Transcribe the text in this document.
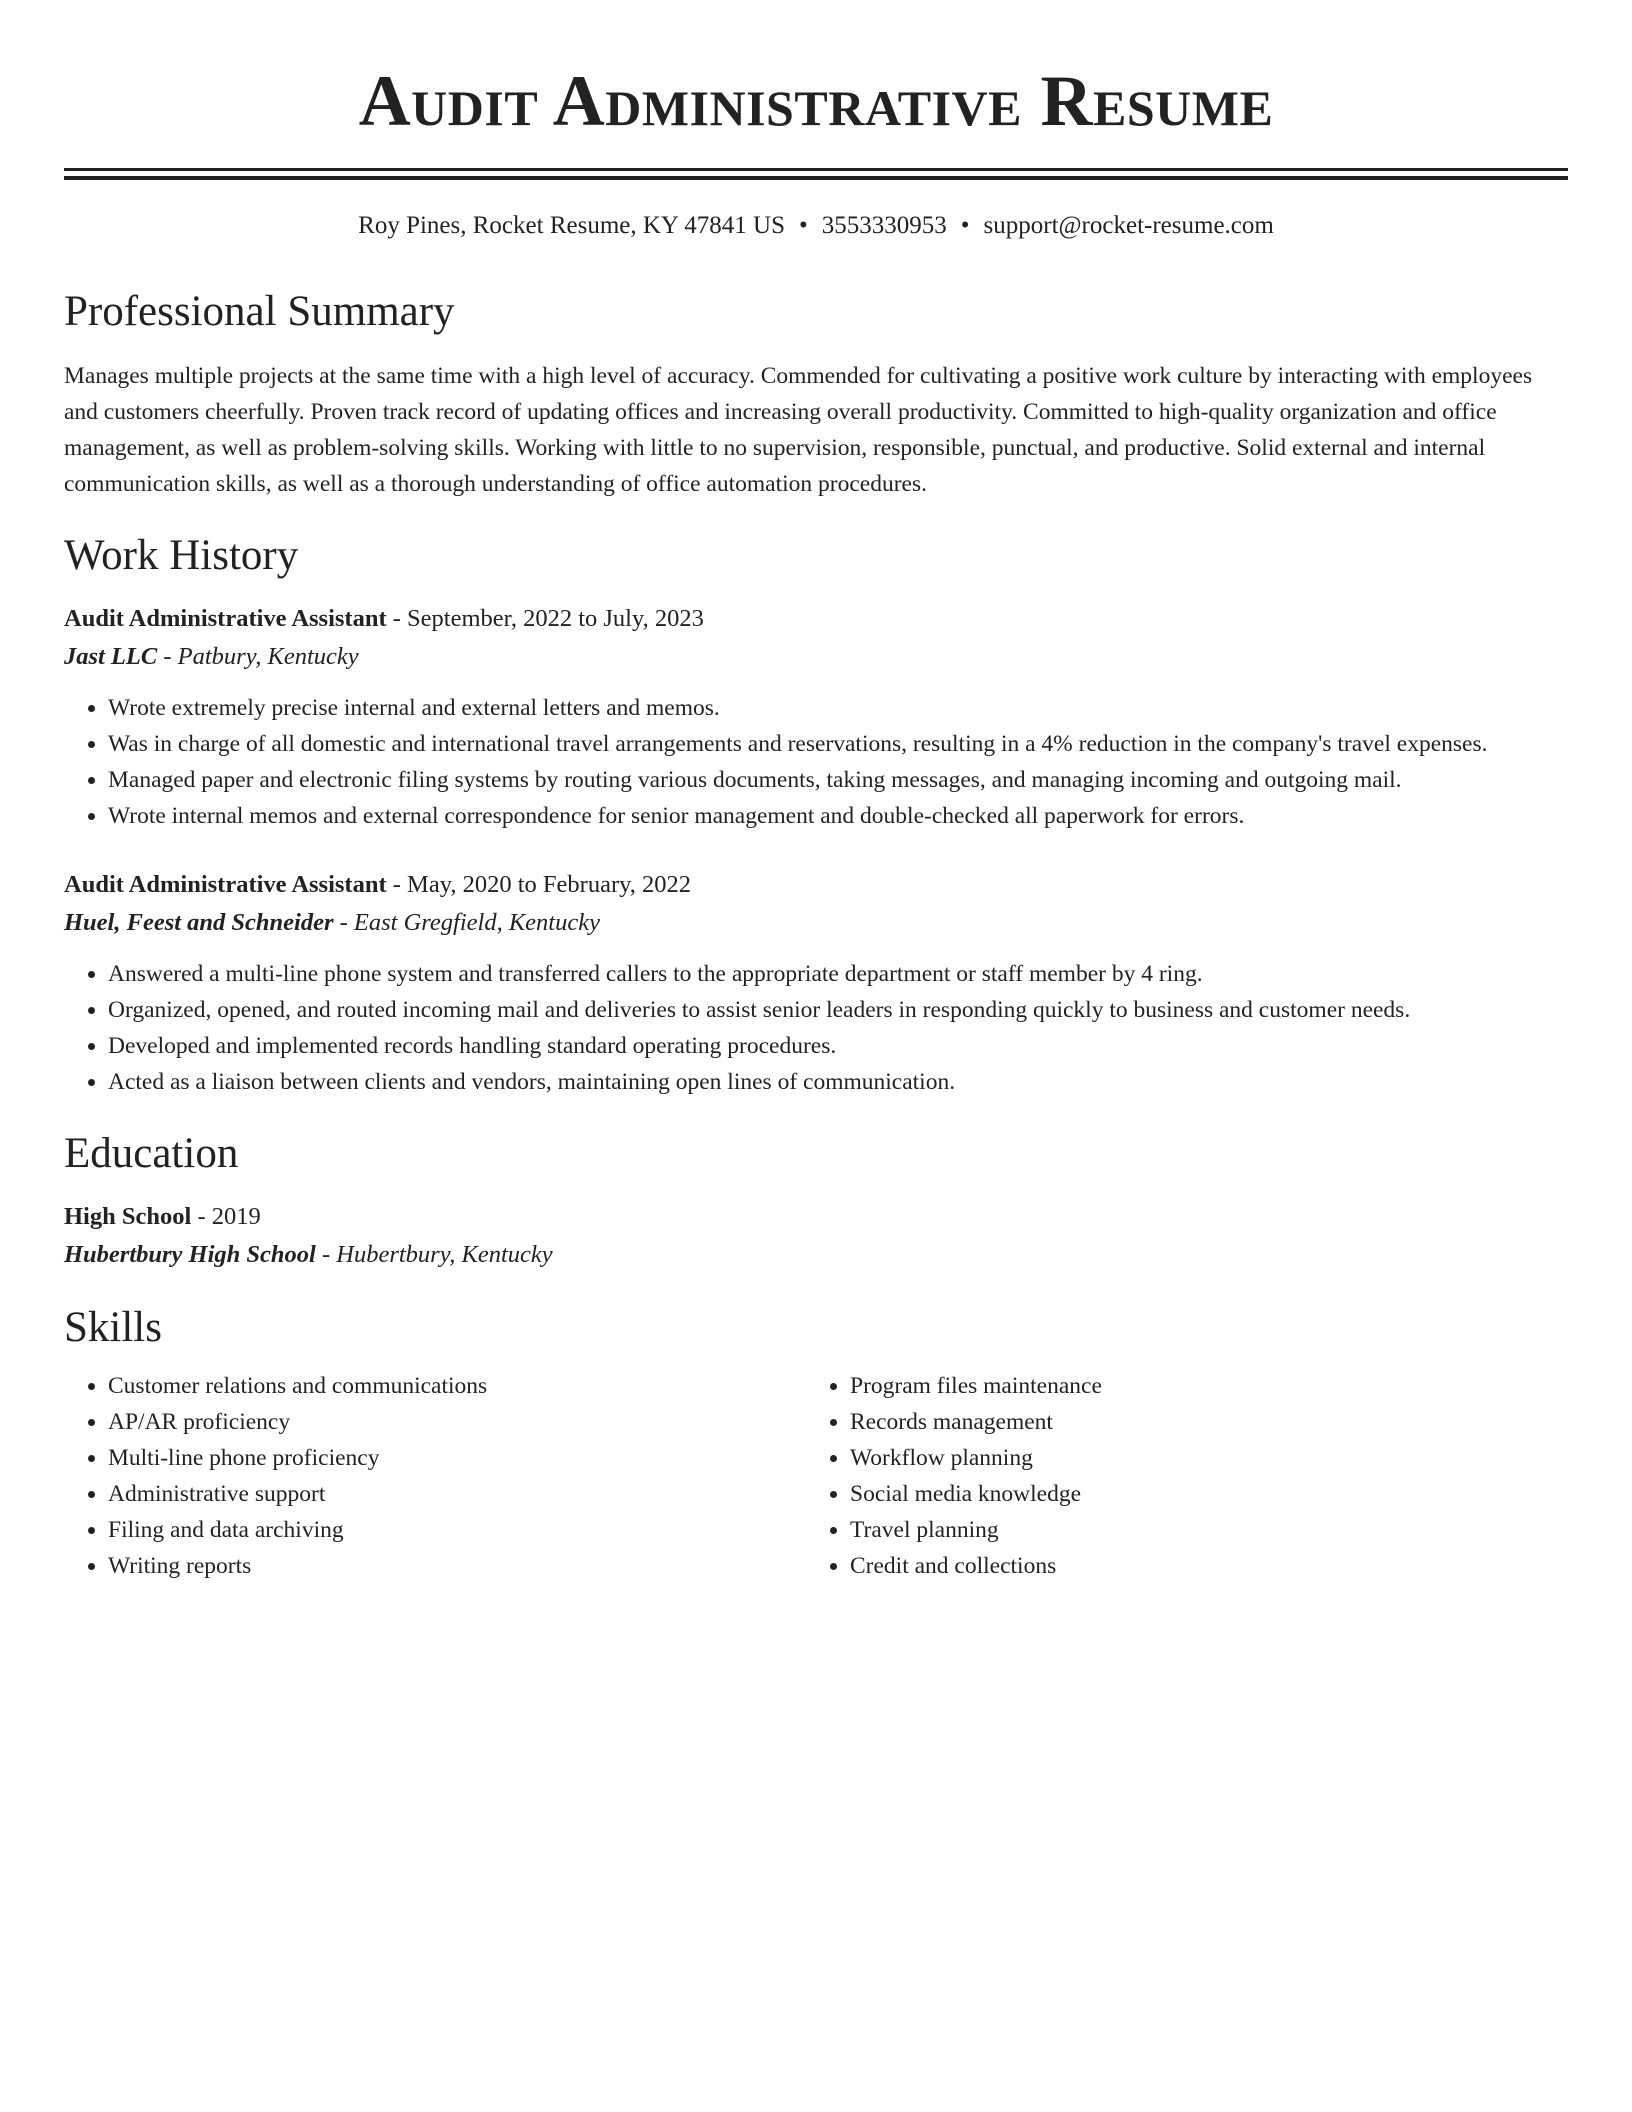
Audit Administrative Resume
Roy Pines, Rocket Resume, KY 47841 US • 3553330953 • support@rocket-resume.com
Professional Summary

Manages multiple projects at the same time with a high level of accuracy. Commended for cultivating a positive work culture by interacting with employees and customers cheerfully. Proven track record of updating offices and increasing overall productivity. Committed to high-quality organization and office management, as well as problem-solving skills. Working with little to no supervision, responsible, punctual, and productive. Solid external and internal communication skills, as well as a thorough understanding of office automation procedures.

Work History
Audit Administrative Assistant - September, 2022 to July, 2023
Jast LLC - Patbury, Kentucky
• Wrote extremely precise internal and external letters and memos.
• Was in charge of all domestic and international travel arrangements and reservations, resulting in a 4% reduction in the company's travel expenses.
• Managed paper and electronic filing systems by routing various documents, taking messages, and managing incoming and outgoing mail.
• Wrote internal memos and external correspondence for senior management and double-checked all paperwork for errors.
Audit Administrative Assistant - May, 2020 to February, 2022
Huel, Feest and Schneider - East Gregfield, Kentucky
• Answered a multi-line phone system and transferred callers to the appropriate department or staff member by 4 ring.
• Organized, opened, and routed incoming mail and deliveries to assist senior leaders in responding quickly to business and customer needs.
• Developed and implemented records handling standard operating procedures.
• Acted as a liaison between clients and vendors, maintaining open lines of communication.
Education
High School - 2019
Hubertbury High School - Hubertbury, Kentucky
Skills
• Customer relations and communications
• AP/AR proficiency
• Multi-line phone proficiency
• Administrative support
• Filing and data archiving
• Writing reports
• Program files maintenance
• Records management
• Workflow planning
• Social media knowledge
• Travel planning
• Credit and collections
